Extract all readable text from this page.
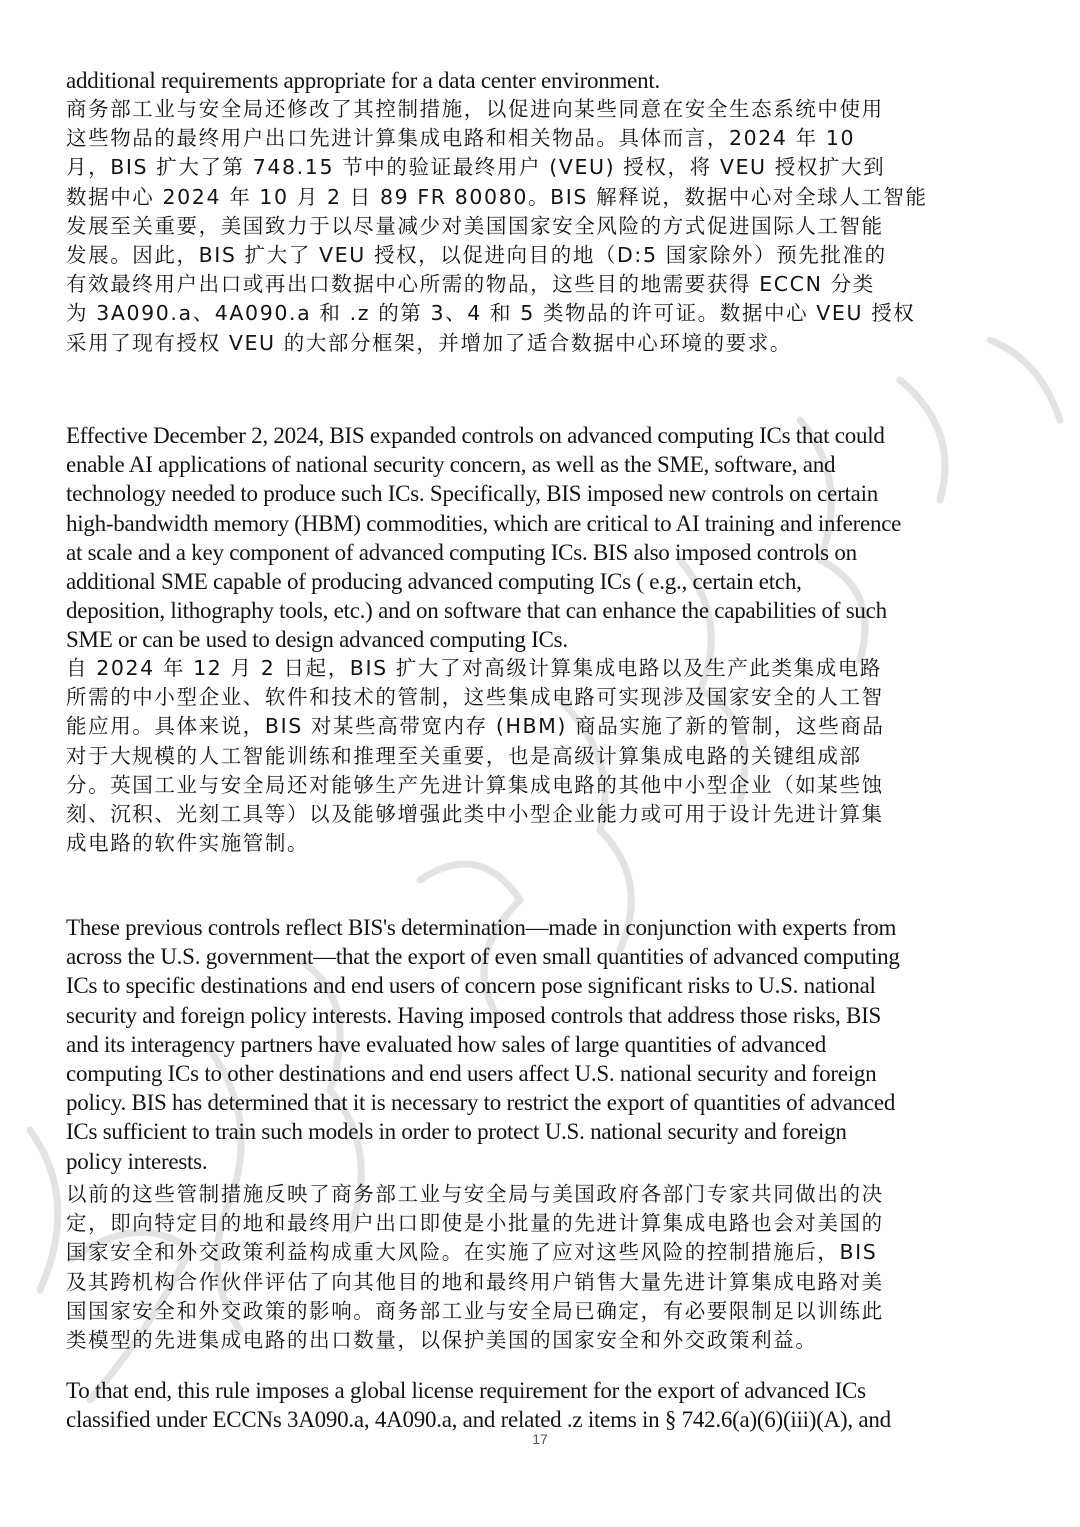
additional requirements appropriate for a data center environment.
商务部工业与安全局还修改了其控制措施，以促进向某些同意在安全生态系统中使用
这些物品的最终用户出口先进计算集成电路和相关物品。具体而言，2024 年 10
月，BIS 扩大了第 748.15 节中的验证最终用户 (VEU) 授权，将 VEU 授权扩大到
数据中心 2024 年 10 月 2 日 89 FR 80080。BIS 解释说，数据中心对全球人工智能
发展至关重要，美国致力于以尽量减少对美国国家安全风险的方式促进国际人工智能
发展。因此，BIS 扩大了 VEU 授权，以促进向目的地（D:5 国家除外）预先批准的
有效最终用户出口或再出口数据中心所需的物品，这些目的地需要获得 ECCN 分类
为 3A090.a、4A090.a 和 .z 的第 3、4 和 5 类物品的许可证。数据中心 VEU 授权
采用了现有授权 VEU 的大部分框架，并增加了适合数据中心环境的要求。
Effective December 2, 2024, BIS expanded controls on advanced computing ICs that could
enable AI applications of national security concern, as well as the SME, software, and
technology needed to produce such ICs. Specifically, BIS imposed new controls on certain
high-bandwidth memory (HBM) commodities, which are critical to AI training and inference
at scale and a key component of advanced computing ICs. BIS also imposed controls on
additional SME capable of producing advanced computing ICs ( e.g., certain etch,
deposition, lithography tools, etc.) and on software that can enhance the capabilities of such
SME or can be used to design advanced computing ICs.
自 2024 年 12 月 2 日起，BIS 扩大了对高级计算集成电路以及生产此类集成电路
所需的中小型企业、软件和技术的管制，这些集成电路可实现涉及国家安全的人工智
能应用。具体来说，BIS 对某些高带宽内存 (HBM) 商品实施了新的管制，这些商品
对于大规模的人工智能训练和推理至关重要，也是高级计算集成电路的关键组成部
分。英国工业与安全局还对能够生产先进计算集成电路的其他中小型企业（如某些蚀
刻、沉积、光刻工具等）以及能够增强此类中小型企业能力或可用于设计先进计算集
成电路的软件实施管制。
These previous controls reflect BIS's determination—made in conjunction with experts from
across the U.S. government—that the export of even small quantities of advanced computing
ICs to specific destinations and end users of concern pose significant risks to U.S. national
security and foreign policy interests. Having imposed controls that address those risks, BIS
and its interagency partners have evaluated how sales of large quantities of advanced
computing ICs to other destinations and end users affect U.S. national security and foreign
policy. BIS has determined that it is necessary to restrict the export of quantities of advanced
ICs sufficient to train such models in order to protect U.S. national security and foreign
policy interests.
以前的这些管制措施反映了商务部工业与安全局与美国政府各部门专家共同做出的决
定，即向特定目的地和最终用户出口即使是小批量的先进计算集成电路也会对美国的
国家安全和外交政策利益构成重大风险。在实施了应对这些风险的控制措施后，BIS
及其跨机构合作伙伴评估了向其他目的地和最终用户销售大量先进计算集成电路对美
国国家安全和外交政策的影响。商务部工业与安全局已确定，有必要限制足以训练此
类模型的先进集成电路的出口数量，以保护美国的国家安全和外交政策利益。
To that end, this rule imposes a global license requirement for the export of advanced ICs
classified under ECCNs 3A090.a, 4A090.a, and related .z items in § 742.6(a)(6)(iii)(A), and
17
